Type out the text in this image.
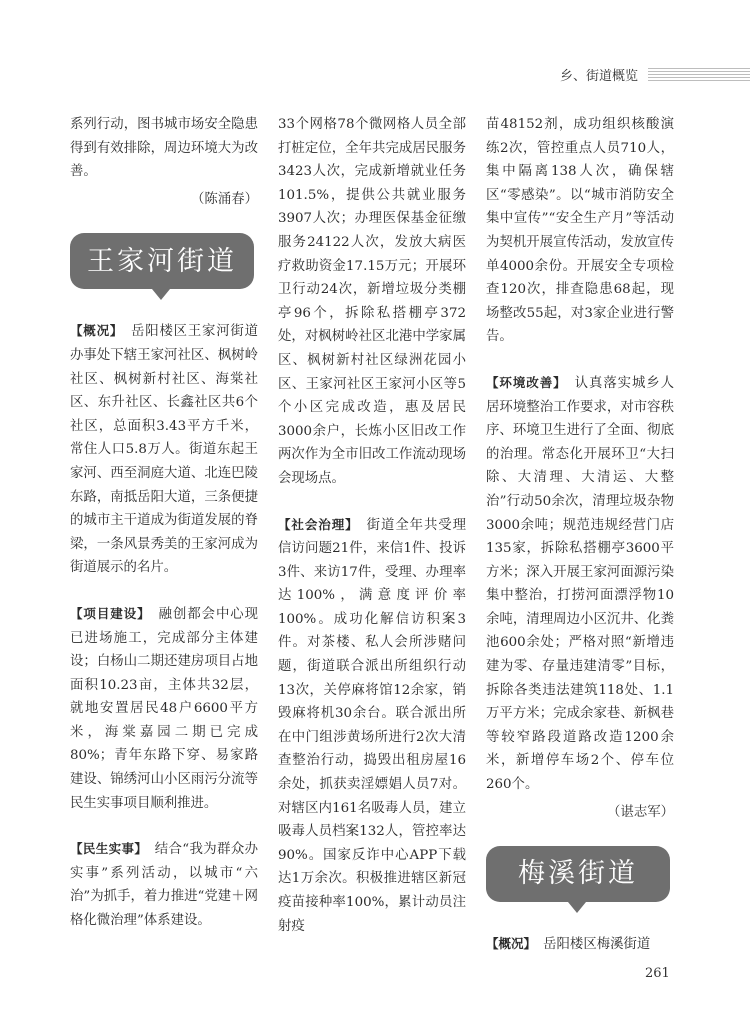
乡、街道概览

系列行动，图书城市场安全隐患得到有效排除，周边环境大为改善。

（陈涌春）

王家河街道

【概况】　 岳阳楼区王家河街道办事处下辖王家河社区、枫树岭社区、枫树新村社区、海棠社区、东升社区、长鑫社区共6个社区，总面积3.43平方千米，常住人口5.8万人。街道东起王家河、西至洞庭大道、北连巴陵东路，南抵岳阳大道，三条便捷的城市主干道成为街道发展的脊梁，一条风景秀美的王家河成为街道展示的名片。

【项目建设】　 融创都会中心现已进场施工，完成部分主体建设；白杨山二期还建房项目占地面积10.23亩，主体共32层，就地安置居民48户6600平方米，海棠嘉园二期已完成80%；青年东路下穿、易家路建设、锦绣河山小区雨污分流等民生实事项目顺利推进。

【民生实事】　 结合“我为群众办实事”系列活动，以城市“六治”为抓手，着力推进“党建＋网格化微治理”体系建设。

33个网格78个微网格人员全部打桩定位，全年共完成居民服务3423人次，完成新增就业任务101.5%，提供公共就业服务3907人次；办理医保基金征缴服务24122人次，发放大病医疗救助资金17.15万元；开展环卫行动24次，新增垃圾分类棚亭96个，拆除私搭棚亭372处，对枫树岭社区北港中学家属区、枫树新村社区绿洲花园小区、王家河社区王家河小区等5个小区完成改造，惠及居民3000余户，长炼小区旧改工作两次作为全市旧改工作流动现场会现场点。

【社会治理】　 街道全年共受理信访问题21件，来信1件、投诉3件、来访17件，受理、办理率达100%，满意度评价率100%。成功化解信访积案3件。对茶楼、私人会所涉赌问题，街道联合派出所组织行动13次，关停麻将馆12余家，销毁麻将机30余台。联合派出所在中门组涉黄场所进行2次大清查整治行动，捣毁出租房屋16余处，抓获卖淫嫖娼人员7对。对辖区内161名吸毒人员，建立吸毒人员档案132人，管控率达90%。国家反诈中心APP下载达1万余次。积极推进辖区新冠疫苗接种率100%，累计动员注射疫

苗48152剂，成功组织核酸演练2次，管控重点人员710人，集中隔离138人次，确保辖区“零感染”。以“城市消防安全集中宣传”“安全生产月”等活动为契机开展宣传活动，发放宣传单4000余份。开展安全专项检查120次，排查隐患68起，现场整改55起，对3家企业进行警告。

【环境改善】　 认真落实城乡人居环境整治工作要求，对市容秩序、环境卫生进行了全面、彻底的治理。常态化开展环卫“大扫除、大清理、大清运、大整治”行动50余次，清理垃圾杂物3000余吨；规范违规经营门店135家，拆除私搭棚亭3600平方米；深入开展王家河面源污染集中整治，打捞河面漂浮物10余吨，清理周边小区沉井、化粪池600余处；严格对照“新增违建为零、存量违建清零”目标，拆除各类违法建筑118处、1.1万平方米；完成余家巷、新枫巷等较窄路段道路改造1200余米，新增停车场2个、停车位260个。

（谌志军）

梅溪街道

【概况】　 岳阳楼区梅溪街道

261
